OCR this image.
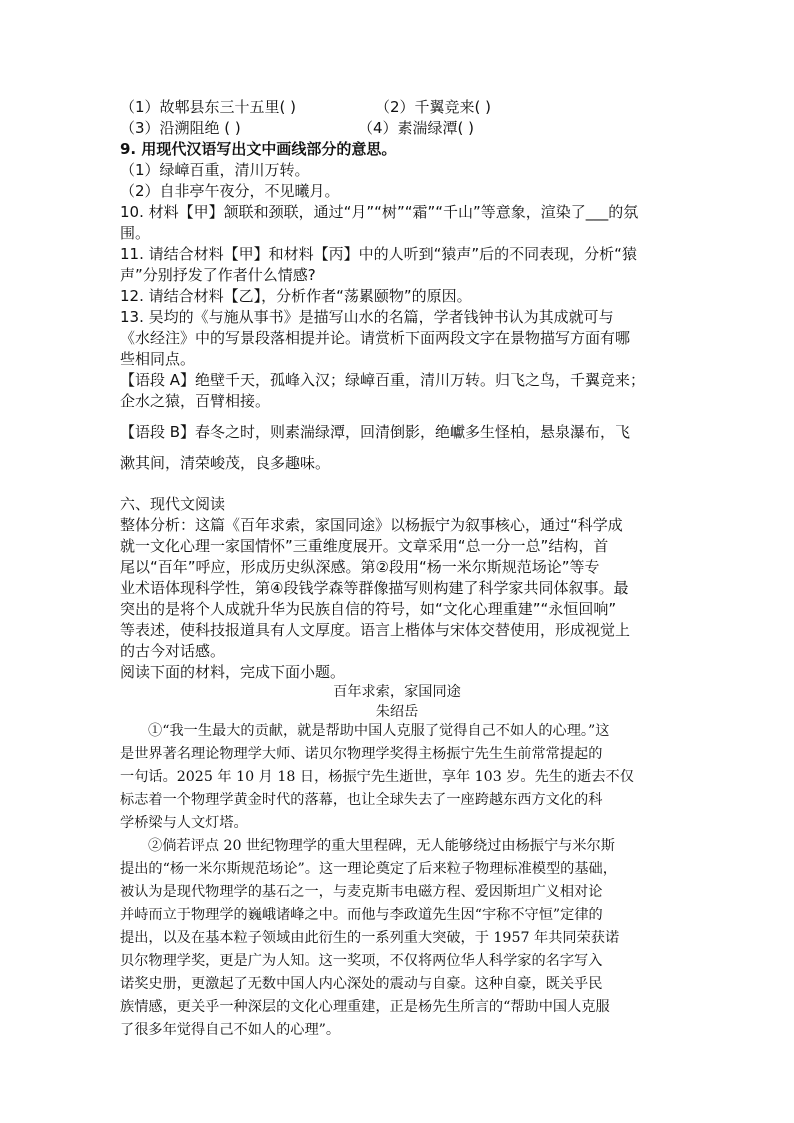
（1）故郫县东三十五里( )	（2）千翼竞来( )
（3）沿溯阻绝 ( )	（4）素湍绿潭( )
9. 用现代汉语写出文中画线部分的意思。
（1）绿嶂百重，清川万转。
（2）自非亭午夜分，不见曦月。
10. 材料【甲】颔联和颈联，通过“月”“树”“霜”“千山”等意象，渲染了___的氛
围。
11. 请结合材料【甲】和材料【丙】中的人听到“猿声”后的不同表现，分析“猿
声”分别抒发了作者什么情感?
12. 请结合材料【乙】，分析作者“荡累颐物”的原因。
13. 吴均的《与施从事书》是描写山水的名篇，学者钱钟书认为其成就可与
《水经注》中的写景段落相提并论。请赏析下面两段文字在景物描写方面有哪
些相同点。
【语段 A】绝壁千天，孤峰入汉；绿嶂百重，清川万转。归飞之鸟，千翼竞来；
企水之猿，百臂相接。
【语段 B】春冬之时，则素湍绿潭，回清倒影，绝巘多生怪柏，悬泉瀑布，飞
漱其间，清荣峻茂，良多趣味。
六、现代文阅读
整体分析：这篇《百年求索，家国同途》以杨振宁为叙事核心，通过“科学成
就一文化心理一家国情怀”三重维度展开。文章采用“总一分一总”结构，首
尾以“百年”呼应，形成历史纵深感。第②段用“杨一米尔斯规范场论”等专
业术语体现科学性，第④段钱学森等群像描写则构建了科学家共同体叙事。最
突出的是将个人成就升华为民族自信的符号，如“文化心理重建”“永恒回响”
等表述，使科技报道具有人文厚度。语言上楷体与宋体交替使用，形成视觉上
的古今对话感。
阅读下面的材料，完成下面小题。
百年求索，家国同途
朱绍岳
①“我一生最大的贡献，就是帮助中国人克服了觉得自己不如人的心理。”这
是世界著名理论物理学大师、诺贝尔物理学奖得主杨振宁先生生前常常提起的
一句话。2025 年 10 月 18 日，杨振宁先生逝世，享年 103 岁。先生的逝去不仅
标志着一个物理学黄金时代的落幕，也让全球失去了一座跨越东西方文化的科
学桥梁与人文灯塔。
②倘若评点 20 世纪物理学的重大里程碑，无人能够绕过由杨振宁与米尔斯
提出的“杨一米尔斯规范场论”。这一理论奠定了后来粒子物理标准模型的基础，
被认为是现代物理学的基石之一，与麦克斯韦电磁方程、爱因斯坦广义相对论
并峙而立于物理学的巍峨诸峰之中。而他与李政道先生因“宇称不守恒”定律的
提出，以及在基本粒子领域由此衍生的一系列重大突破，于 1957 年共同荣获诺
贝尔物理学奖，更是广为人知。这一奖项，不仅将两位华人科学家的名字写入
诺奖史册，更激起了无数中国人内心深处的震动与自豪。这种自豪，既关乎民
族情感，更关乎一种深层的文化心理重建，正是杨先生所言的“帮助中国人克服
了很多年觉得自己不如人的心理”。
